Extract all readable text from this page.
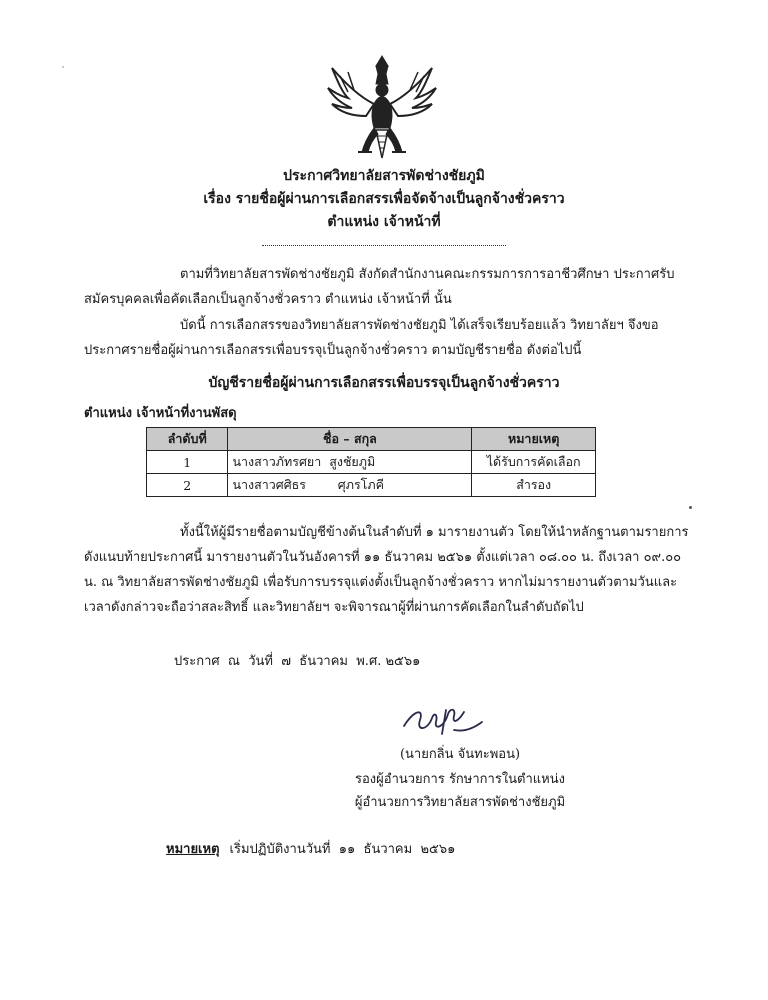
ประกาศวิทยาลัยสารพัดช่างชัยภูมิ
เรื่อง รายชื่อผู้ผ่านการเลือกสรรเพื่อจัดจ้างเป็นลูกจ้างชั่วคราว
ตำแหน่ง เจ้าหน้าที่
ตามที่วิทยาลัยสารพัดช่างชัยภูมิ สังกัดสำนักงานคณะกรรมการการอาชีวศึกษา ประกาศรับสมัครบุคคลเพื่อคัดเลือกเป็นลูกจ้างชั่วคราว ตำแหน่ง เจ้าหน้าที่ นั้น
บัดนี้ การเลือกสรรของวิทยาลัยสารพัดช่างชัยภูมิ ได้เสร็จเรียบร้อยแล้ว วิทยาลัยฯ จึงขอประกาศรายชื่อผู้ผ่านการเลือกสรรเพื่อบรรจุเป็นลูกจ้างชั่วคราว ตามบัญชีรายชื่อ ดังต่อไปนี้
บัญชีรายชื่อผู้ผ่านการเลือกสรรเพื่อบรรจุเป็นลูกจ้างชั่วคราว
ตำแหน่ง เจ้าหน้าที่งานพัสดุ
ลำดับที่	ชื่อ – สกุล	หมายเหตุ
1	นางสาวภัทรศยา  สูงชัยภูมิ	ได้รับการคัดเลือก
2	นางสาวศศิธร        ศุภรโภคี	สำรอง
ทั้งนี้ให้ผู้มีรายชื่อตามบัญชีข้างต้นในลำดับที่ ๑ มารายงานตัว โดยให้นำหลักฐานตามรายการดังแนบท้ายประกาศนี้ มารายงานตัวในวันอังคารที่ ๑๑ ธันวาคม ๒๕๖๑ ตั้งแต่เวลา ๐๘.๐๐ น. ถึงเวลา ๐๙.๐๐ น. ณ วิทยาลัยสารพัดช่างชัยภูมิ เพื่อรับการบรรจุแต่งตั้งเป็นลูกจ้างชั่วคราว หากไม่มารายงานตัวตามวันและเวลาดังกล่าวจะถือว่าสละสิทธิ์ และวิทยาลัยฯ จะพิจารณาผู้ที่ผ่านการคัดเลือกในลำดับถัดไป
ประกาศ  ณ  วันที่  ๗  ธันวาคม  พ.ศ. ๒๕๖๑
(นายกลิ่น จันทะพอน)
รองผู้อำนวยการ รักษาการในตำแหน่ง
ผู้อำนวยการวิทยาลัยสารพัดช่างชัยภูมิ
หมายเหตุ เริ่มปฏิบัติงานวันที่  ๑๑  ธันวาคม  ๒๕๖๑
